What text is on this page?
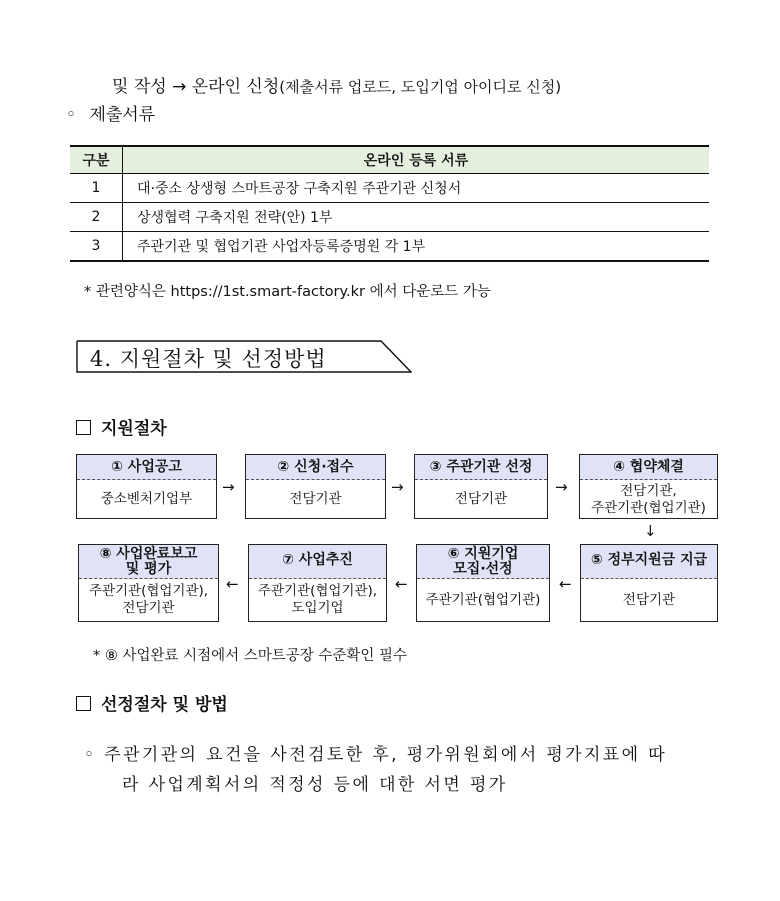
및 작성 → 온라인 신청(제출서류 업로드, 도입기업 아이디로 신청)
◦ 제출서류
구분	온라인 등록 서류
1	대·중소 상생형 스마트공장 구축지원 주관기관 신청서
2	상생협력 구축지원 전략(안) 1부
3	주관기관 및 협업기관 사업자등록증명원 각 1부
* 관련양식은 https://1st.smart-factory.kr 에서 다운로드 가능
4. 지원절차 및 선정방법
지원절차
① 사업공고
중소벤처기업부
→
② 신청·접수
전담기관
→
③ 주관기관 선정
전담기관
→
④ 협약체결
전담기관,
주관기관(협업기관)
↓
⑧ 사업완료보고
및 평가
주관기관(협업기관),
전담기관
←
⑦ 사업추진
주관기관(협업기관),
도입기업
←
⑥ 지원기업
모집·선정
주관기관(협업기관)
←
⑤ 정부지원금 지급
전담기관
* ⑧ 사업완료 시점에서 스마트공장 수준확인 필수
선정절차 및 방법
◦ 주관기관의 요건을 사전검토한 후, 평가위원회에서 평가지표에 따
라 사업계획서의 적정성 등에 대한 서면 평가
